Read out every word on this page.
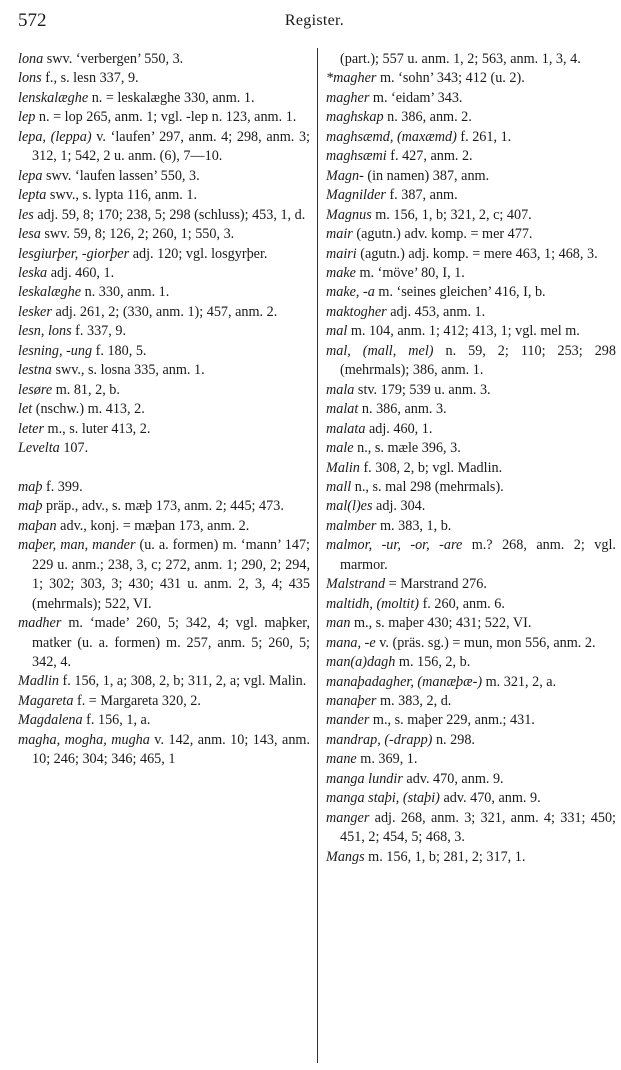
572	Register.

lona swv. ‘verbergen’ 550, 3.

lons f., s. lesn 337, 9.

lenskalæghe n. = leskalæghe 330, anm. 1.

lep n. = lop 265, anm. 1; vgl. -lep n. 123, anm. 1.

lepa, (leppa) v. ‘laufen’ 297, anm. 4; 298, anm. 3; 312, 1; 542, 2 u. anm. (6), 7—10.

lepa swv. ‘laufen lassen’ 550, 3.

lepta swv., s. lypta 116, anm. 1.

les adj. 59, 8; 170; 238, 5; 298 (schluss); 453, 1, d.

lesa swv. 59, 8; 126, 2; 260, 1; 550, 3.

lesgiurþer, -giorþer adj. 120; vgl. losgyrþer.

leska adj. 460, 1.

leskalæghe n. 330, anm. 1.

lesker adj. 261, 2; (330, anm. 1); 457, anm. 2.

lesn, lons f. 337, 9.

lesning, -ung f. 180, 5.

lestna swv., s. losna 335, anm. 1.

lesøre m. 81, 2, b.

let (nschw.) m. 413, 2.

leter m., s. luter 413, 2.

Levelta 107.

maþ f. 399.

maþ präp., adv., s. mæþ 173, anm. 2; 445; 473.

maþan adv., konj. = mæþan 173, anm. 2.

maþer, man, mander (u. a. formen) m. ‘mann’ 147; 229 u. anm.; 238, 3, c; 272, anm. 1; 290, 2; 294, 1; 302; 303, 3; 430; 431 u. anm. 2, 3, 4; 435 (mehrmals); 522, VI.

madher m. ‘made’ 260, 5; 342, 4; vgl. maþker, matker (u. a. formen) m. 257, anm. 5; 260, 5; 342, 4.

Madlin f. 156, 1, a; 308, 2, b; 311, 2, a; vgl. Malin.

Magareta f. = Margareta 320, 2.

Magdalena f. 156, 1, a.

magha, mogha, mugha v. 142, anm. 10; 143, anm. 10; 246; 304; 346; 465, 1

(part.); 557 u. anm. 1, 2; 563, anm. 1, 3, 4.

*magher m. ‘sohn’ 343; 412 (u. 2).

magher m. ‘eidam’ 343.

maghskap n. 386, anm. 2.

maghsæmd, (maxæmd) f. 261, 1.

maghsæmi f. 427, anm. 2.

Magn- (in namen) 387, anm.

Magnilder f. 387, anm.

Magnus m. 156, 1, b; 321, 2, c; 407.

mair (agutn.) adv. komp. = mer 477.

mairi (agutn.) adj. komp. = mere 463, 1; 468, 3.

make m. ‘möve’ 80, I, 1.

make, -a m. ‘seines gleichen’ 416, I, b.

maktogher adj. 453, anm. 1.

mal m. 104, anm. 1; 412; 413, 1; vgl. mel m.

mal, (mall, mel) n. 59, 2; 110; 253; 298 (mehrmals); 386, anm. 1.

mala stv. 179; 539 u. anm. 3.

malat n. 386, anm. 3.

malata adj. 460, 1.

male n., s. mæle 396, 3.

Malin f. 308, 2, b; vgl. Madlin.

mall n., s. mal 298 (mehrmals).

mal(l)es adj. 304.

malmber m. 383, 1, b.

malmor, -ur, -or, -are m.? 268, anm. 2; vgl. marmor.

Malstrand = Marstrand 276.

maltidh, (moltit) f. 260, anm. 6.

man m., s. maþer 430; 431; 522, VI.

mana, -e v. (präs. sg.) = mun, mon 556, anm. 2.

man(a)dagh m. 156, 2, b.

manaþadagher, (manæþæ-) m. 321, 2, a.

manaþer m. 383, 2, d.

mander m., s. maþer 229, anm.; 431.

mandrap, (-drapp) n. 298.

mane m. 369, 1.

manga lundir adv. 470, anm. 9.

manga staþi, (staþi) adv. 470, anm. 9.

manger adj. 268, anm. 3; 321, anm. 4; 331; 450; 451, 2; 454, 5; 468, 3.

Mangs m. 156, 1, b; 281, 2; 317, 1.
